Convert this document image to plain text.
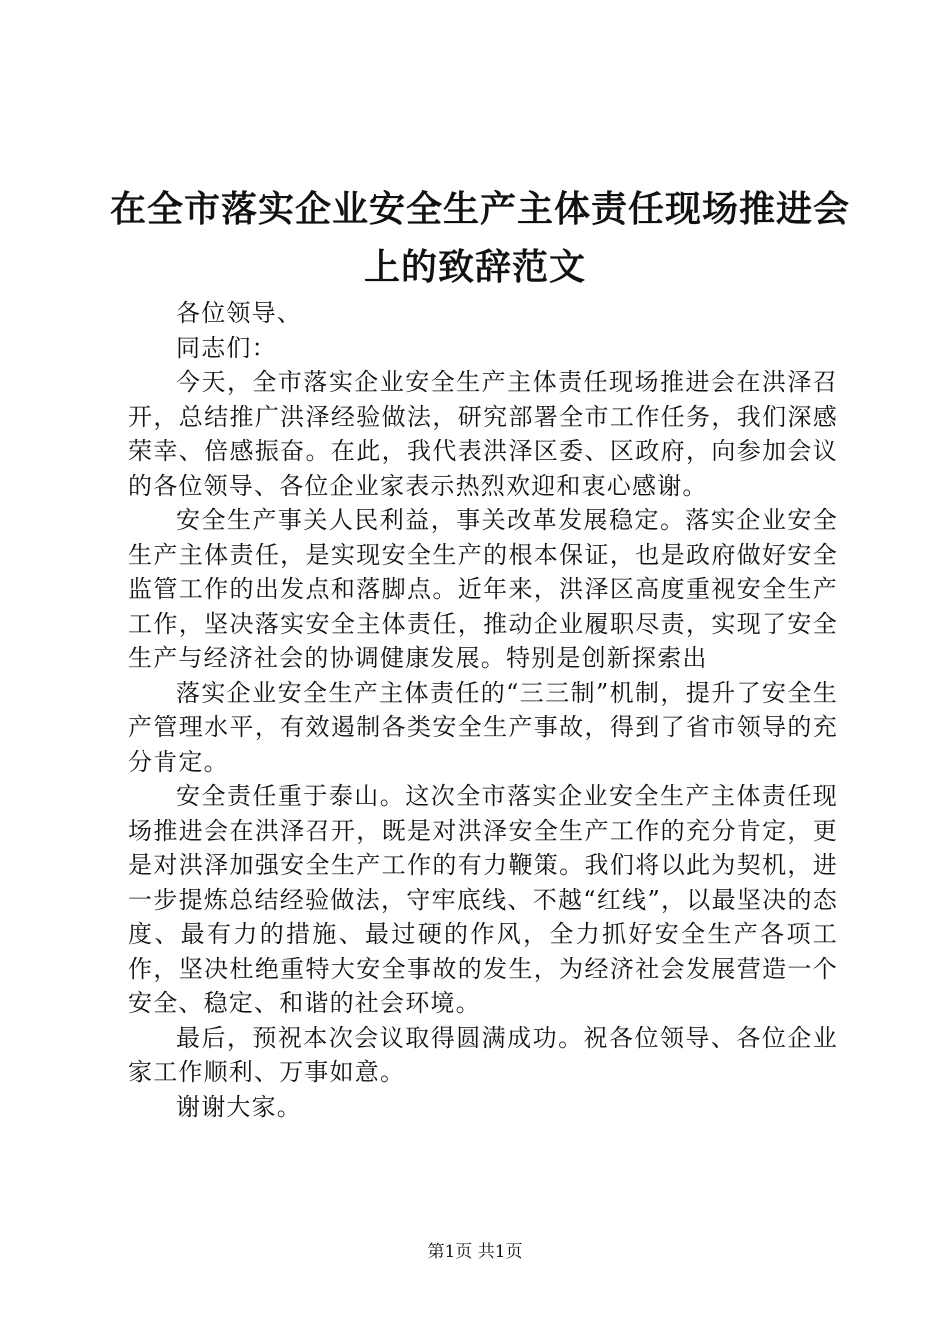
在全市落实企业安全生产主体责任现场推进会
上的致辞范文

各位领导、

同志们：

今天，全市落实企业安全生产主体责任现场推进会在洪泽召开，总结推广洪泽经验做法，研究部署全市工作任务，我们深感荣幸、倍感振奋。在此，我代表洪泽区委、区政府，向参加会议的各位领导、各位企业家表示热烈欢迎和衷心感谢。

安全生产事关人民利益，事关改革发展稳定。落实企业安全生产主体责任，是实现安全生产的根本保证，也是政府做好安全监管工作的出发点和落脚点。近年来，洪泽区高度重视安全生产工作，坚决落实安全主体责任，推动企业履职尽责，实现了安全生产与经济社会的协调健康发展。特别是创新探索出

落实企业安全生产主体责任的“三三制”机制，提升了安全生产管理水平，有效遏制各类安全生产事故，得到了省市领导的充分肯定。

安全责任重于泰山。这次全市落实企业安全生产主体责任现场推进会在洪泽召开，既是对洪泽安全生产工作的充分肯定，更是对洪泽加强安全生产工作的有力鞭策。我们将以此为契机，进一步提炼总结经验做法，守牢底线、不越“红线”，以最坚决的态度、最有力的措施、最过硬的作风，全力抓好安全生产各项工作，坚决杜绝重特大安全事故的发生，为经济社会发展营造一个安全、稳定、和谐的社会环境。

最后，预祝本次会议取得圆满成功。祝各位领导、各位企业家工作顺利、万事如意。

谢谢大家。

第1页 共1页
